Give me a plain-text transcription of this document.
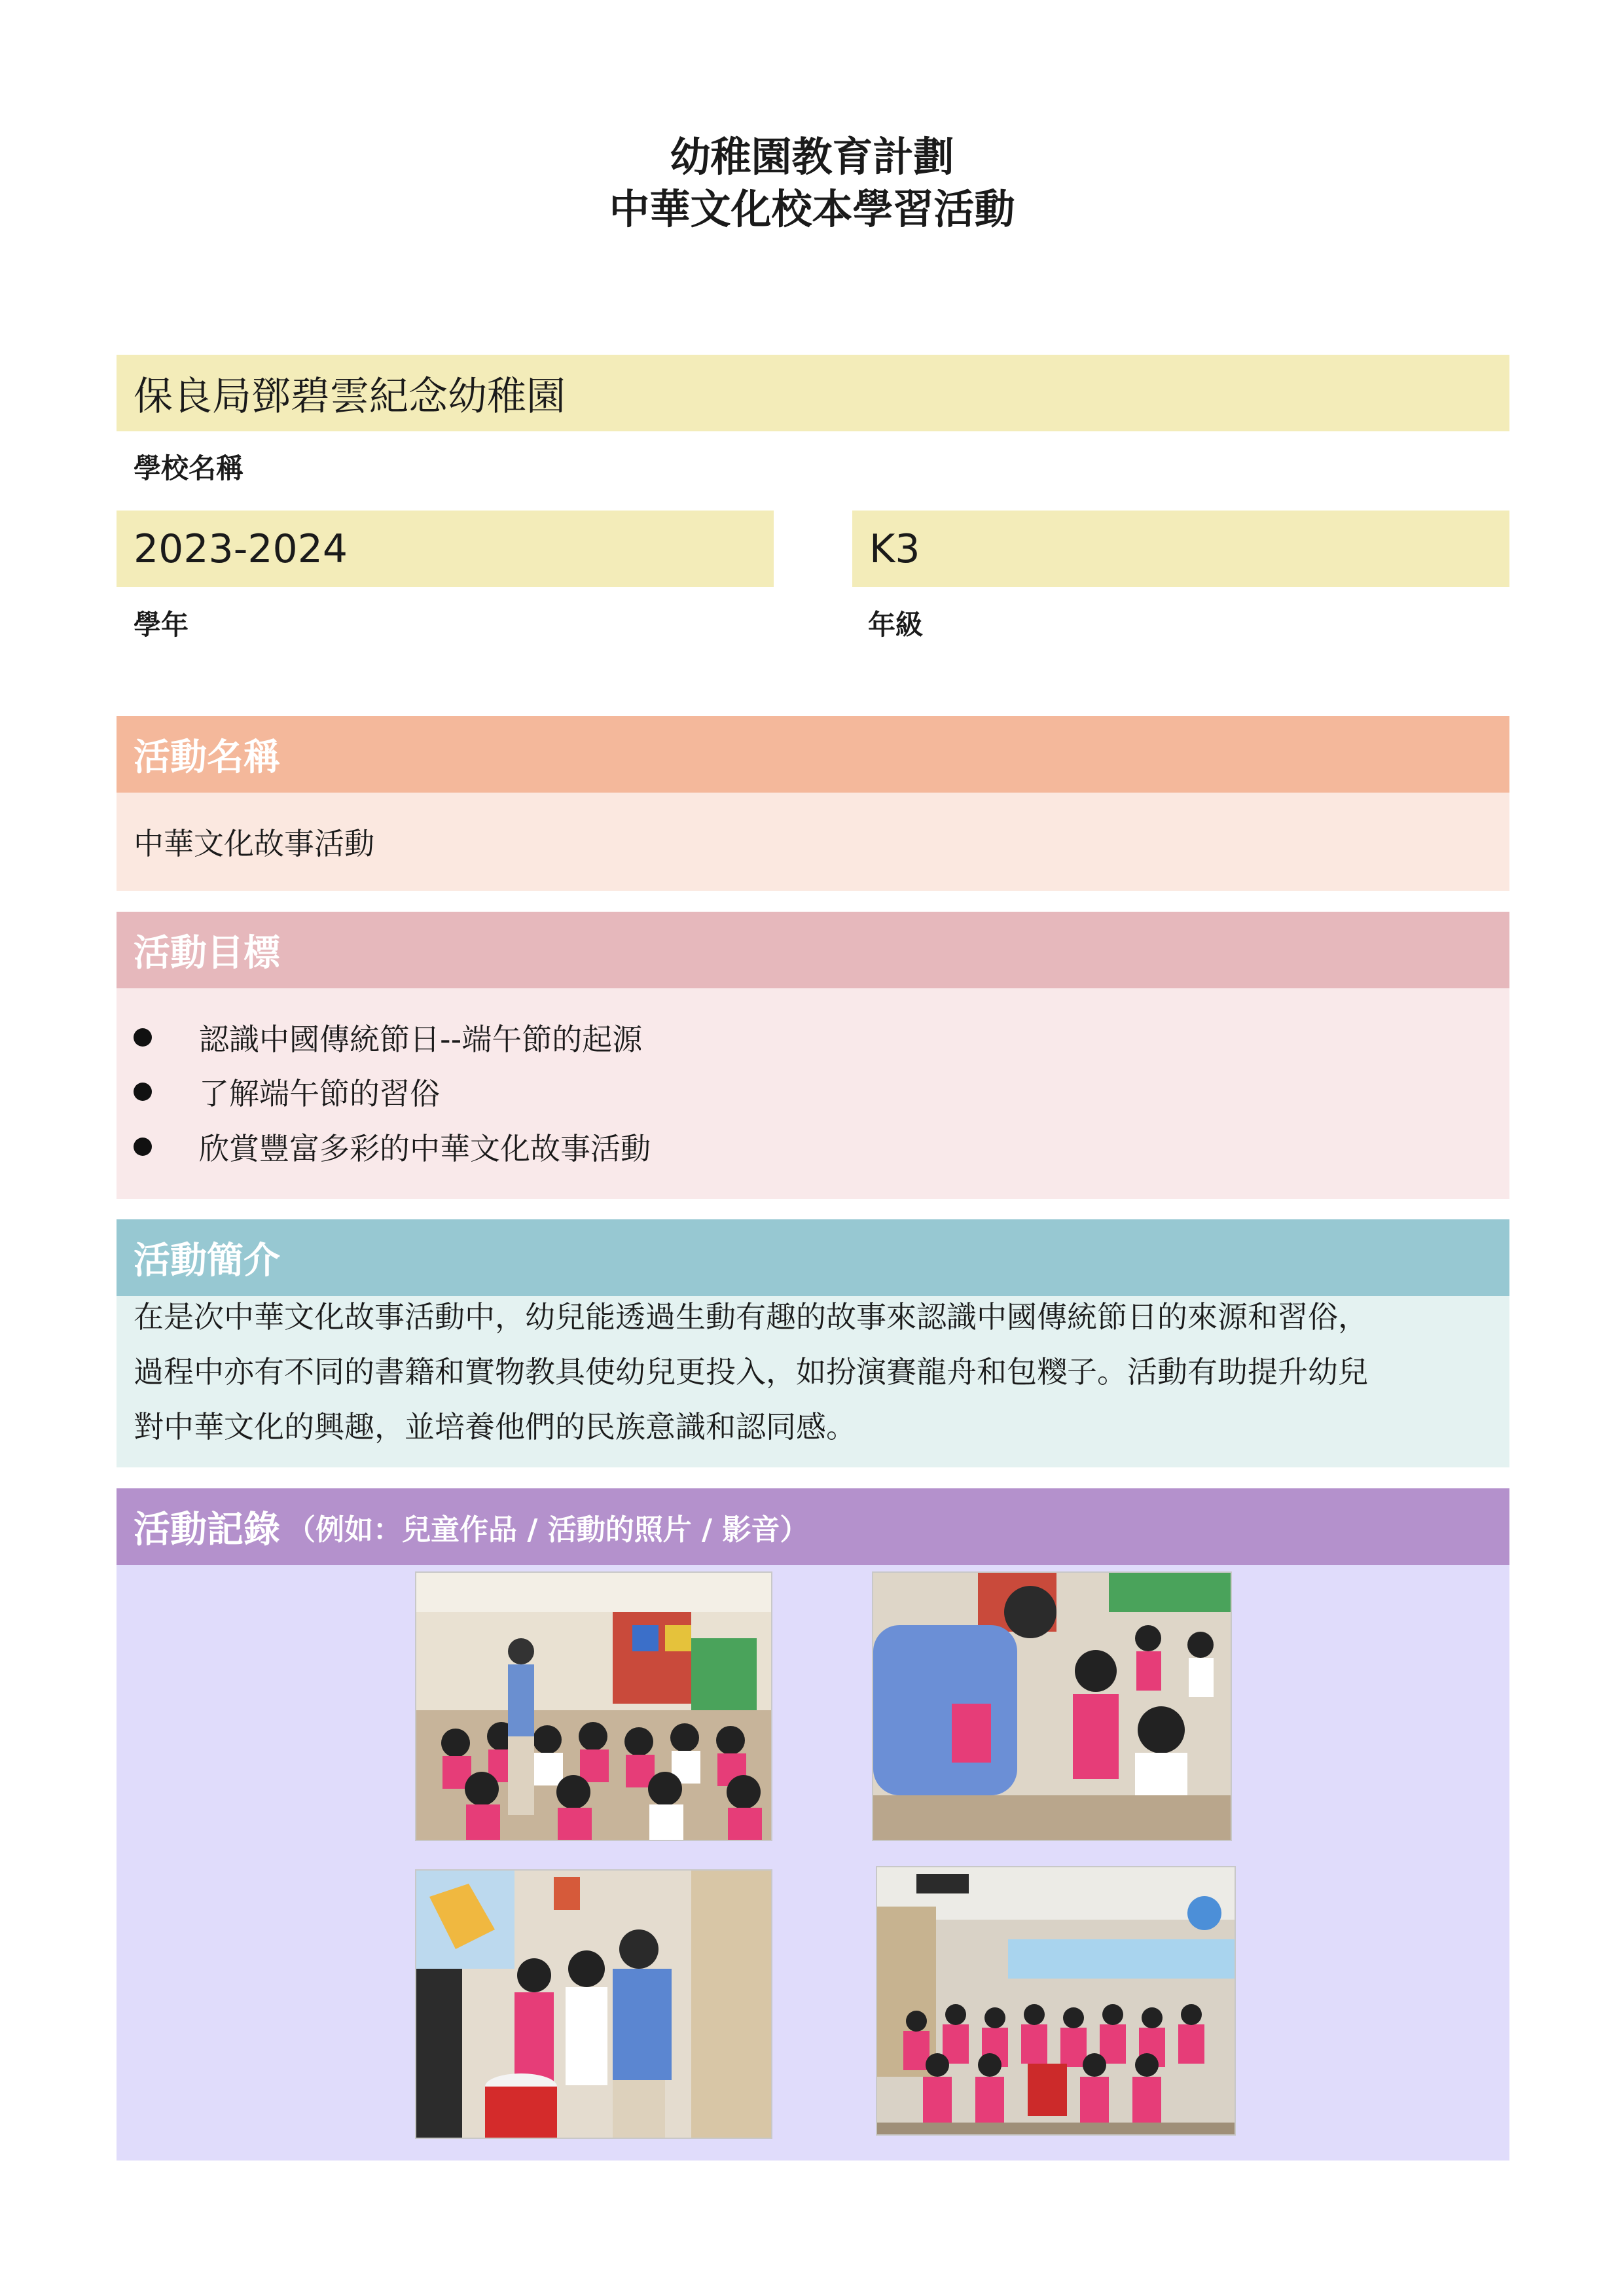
幼稚園教育計劃
中華文化校本學習活動
保良局鄧碧雲紀念幼稚園
學校名稱
2023-2024
學年
K3
年級
活動名稱
中華文化故事活動
活動目標
認識中國傳統節日--端午節的起源
了解端午節的習俗
欣賞豐富多彩的中華文化故事活動
活動簡介
在是次中華文化故事活動中，幼兒能透過生動有趣的故事來認識中國傳統節日的來源和習俗，
過程中亦有不同的書籍和實物教具使幼兒更投入，如扮演賽龍舟和包糭子。活動有助提升幼兒
對中華文化的興趣，並培養他們的民族意識和認同感。
活動記錄 （例如：兒童作品 / 活動的照片 / 影音）
